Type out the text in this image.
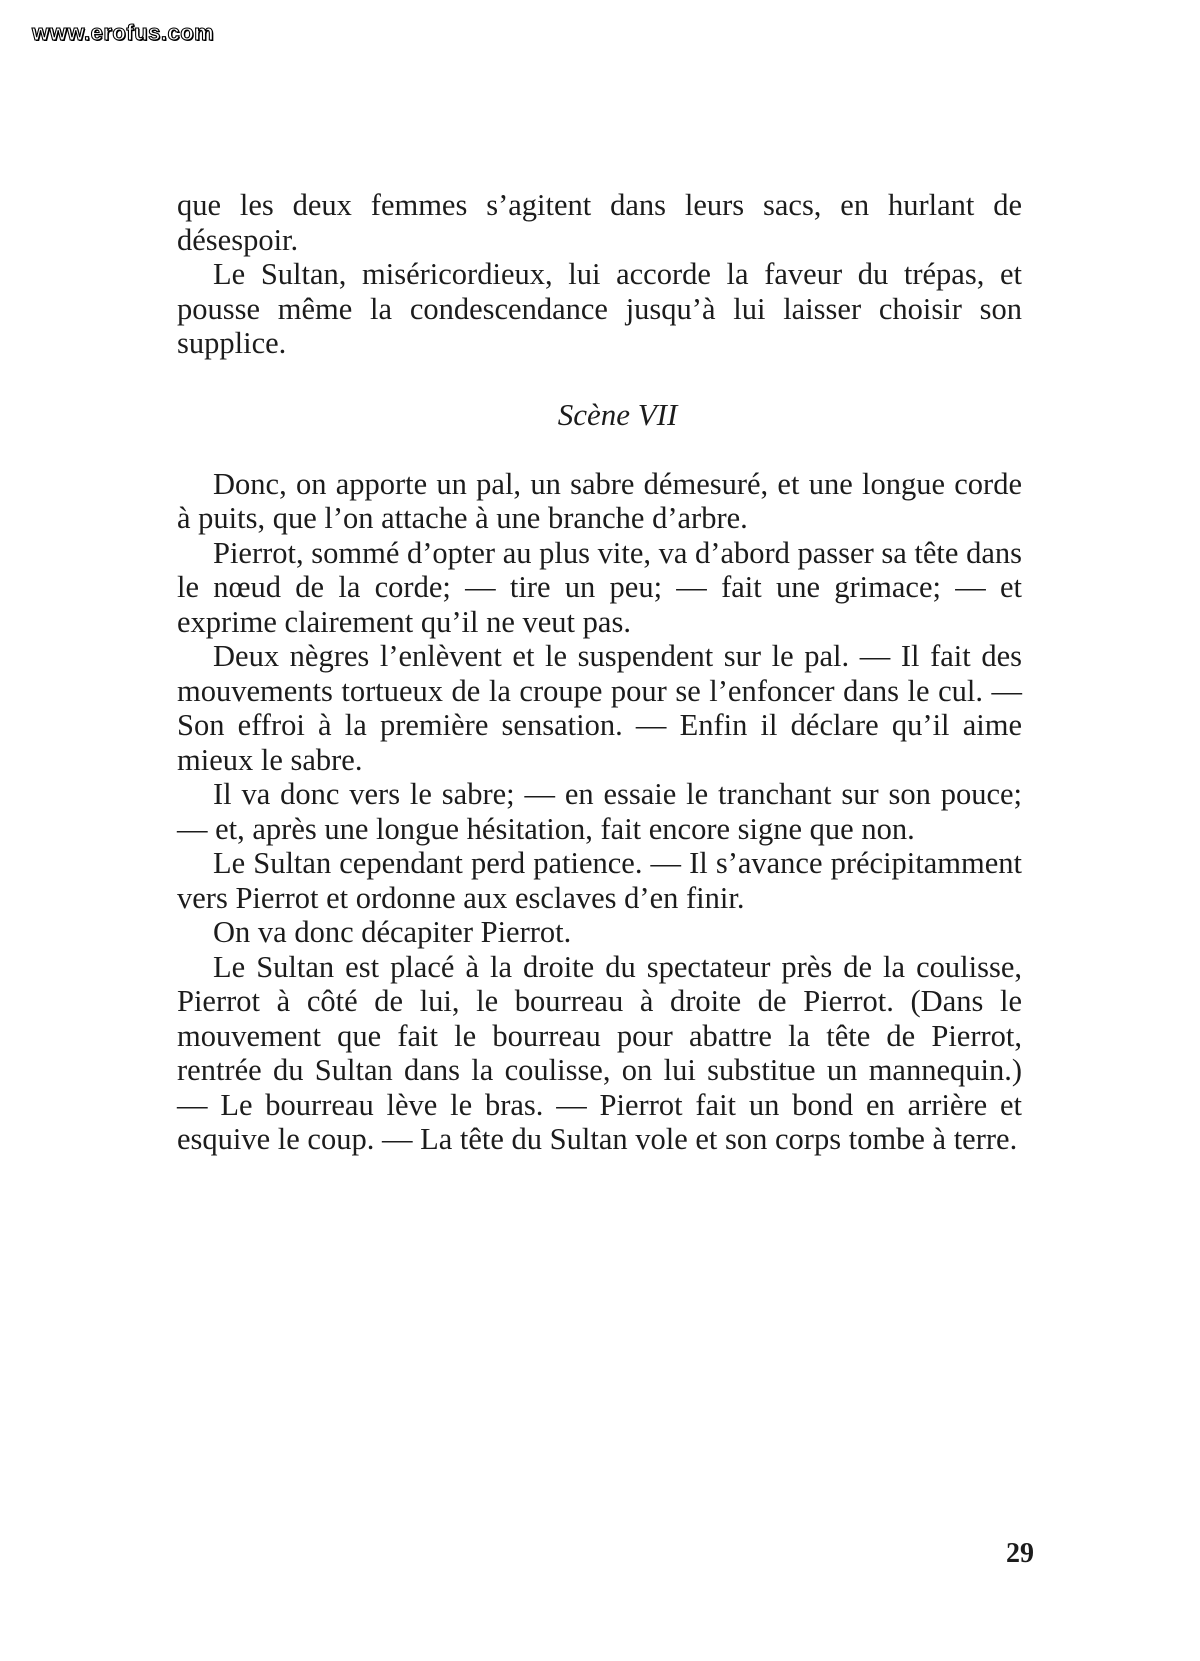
www.erofus.com

que les deux femmes s’agitent dans leurs sacs, en hurlant de désespoir.

Le Sultan, miséricordieux, lui accorde la faveur du trépas, et pousse même la condescendance jusqu’à lui laisser choisir son supplice.

Scène VII

Donc, on apporte un pal, un sabre démesuré, et une longue corde à puits, que l’on attache à une branche d’arbre.

Pierrot, sommé d’opter au plus vite, va d’abord passer sa tête dans le nœud de la corde; — tire un peu; — fait une grimace; — et exprime clairement qu’il ne veut pas.

Deux nègres l’enlèvent et le suspendent sur le pal. — Il fait des mouvements tortueux de la croupe pour se l’enfoncer dans le cul. — Son effroi à la première sensation. — Enfin il déclare qu’il aime mieux le sabre.

Il va donc vers le sabre; — en essaie le tranchant sur son pouce; — et, après une longue hésitation, fait encore signe que non.

Le Sultan cependant perd patience. — Il s’avance précipitamment vers Pierrot et ordonne aux esclaves d’en finir.

On va donc décapiter Pierrot.

Le Sultan est placé à la droite du spectateur près de la coulisse, Pierrot à côté de lui, le bourreau à droite de Pierrot. (Dans le mouvement que fait le bourreau pour abattre la tête de Pierrot, rentrée du Sultan dans la coulisse, on lui substitue un mannequin.) — Le bourreau lève le bras. — Pierrot fait un bond en arrière et esquive le coup. — La tête du Sultan vole et son corps tombe à terre.

29
